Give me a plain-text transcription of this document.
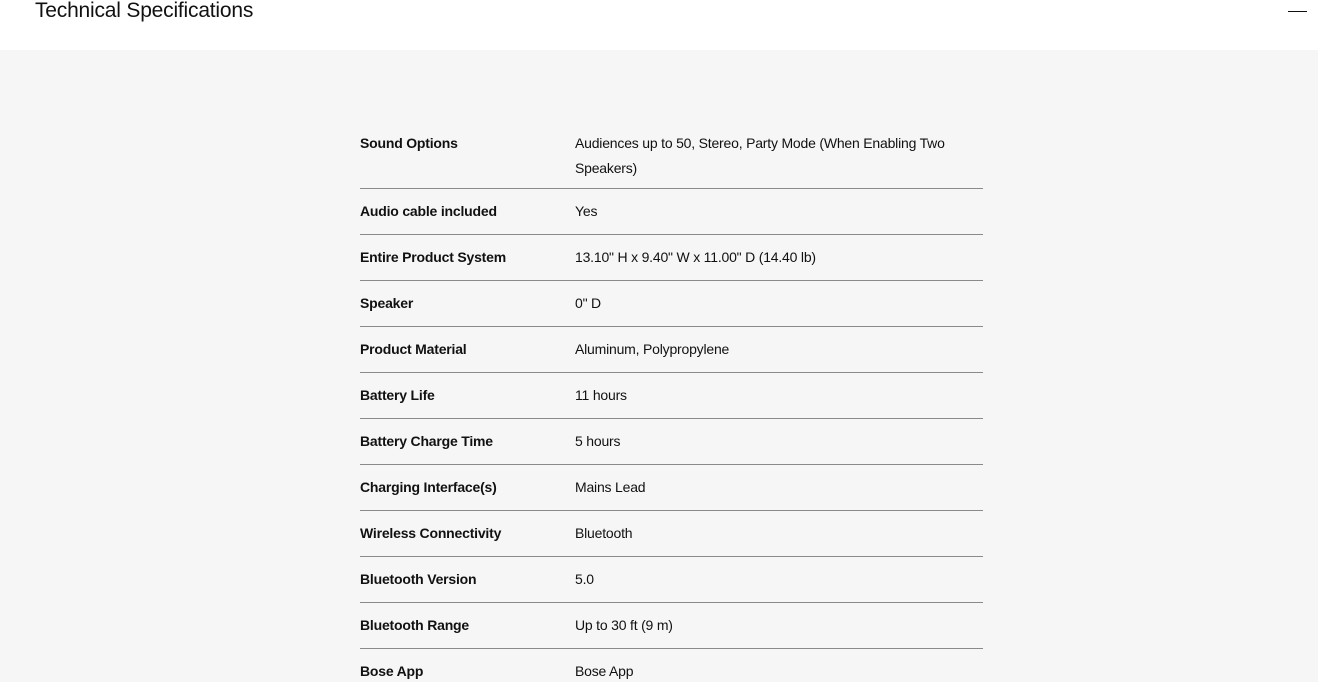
Technical Specifications
Sound Options	Audiences up to 50, Stereo, Party Mode (When Enabling Two Speakers)
Audio cable included	Yes
Entire Product System	13.10" H x 9.40" W x 11.00" D (14.40 lb)
Speaker	0" D
Product Material	Aluminum, Polypropylene
Battery Life	11 hours
Battery Charge Time	5 hours
Charging Interface(s)	Mains Lead
Wireless Connectivity	Bluetooth
Bluetooth Version	5.0
Bluetooth Range	Up to 30 ft (9 m)
Bose App	Bose App
